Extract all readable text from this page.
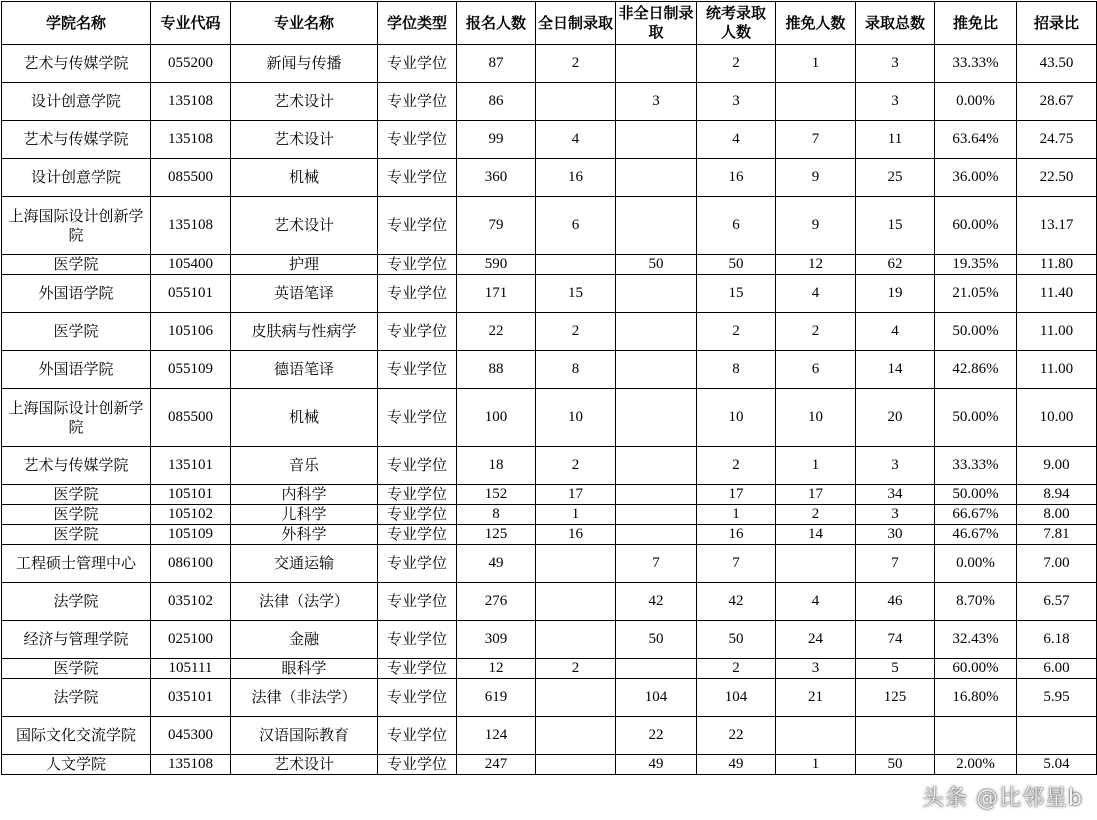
学院名称	专业代码	专业名称	学位类型	报名人数	全日制录取	非全日制录取	统考录取人数	推免人数	录取总数	推免比	招录比
艺术与传媒学院	055200	新闻与传播	专业学位	87	2		2	1	3	33.33%	43.50
设计创意学院	135108	艺术设计	专业学位	86		3	3		3	0.00%	28.67
艺术与传媒学院	135108	艺术设计	专业学位	99	4		4	7	11	63.64%	24.75
设计创意学院	085500	机械	专业学位	360	16		16	9	25	36.00%	22.50
上海国际设计创新学院	135108	艺术设计	专业学位	79	6		6	9	15	60.00%	13.17
医学院	105400	护理	专业学位	590		50	50	12	62	19.35%	11.80
外国语学院	055101	英语笔译	专业学位	171	15		15	4	19	21.05%	11.40
医学院	105106	皮肤病与性病学	专业学位	22	2		2	2	4	50.00%	11.00
外国语学院	055109	德语笔译	专业学位	88	8		8	6	14	42.86%	11.00
上海国际设计创新学院	085500	机械	专业学位	100	10		10	10	20	50.00%	10.00
艺术与传媒学院	135101	音乐	专业学位	18	2		2	1	3	33.33%	9.00
医学院	105101	内科学	专业学位	152	17		17	17	34	50.00%	8.94
医学院	105102	儿科学	专业学位	8	1		1	2	3	66.67%	8.00
医学院	105109	外科学	专业学位	125	16		16	14	30	46.67%	7.81
工程硕士管理中心	086100	交通运输	专业学位	49		7	7		7	0.00%	7.00
法学院	035102	法律（法学）	专业学位	276		42	42	4	46	8.70%	6.57
经济与管理学院	025100	金融	专业学位	309		50	50	24	74	32.43%	6.18
医学院	105111	眼科学	专业学位	12	2		2	3	5	60.00%	6.00
法学院	035101	法律（非法学）	专业学位	619		104	104	21	125	16.80%	5.95
国际文化交流学院	045300	汉语国际教育	专业学位	124		22	22				
人文学院	135108	艺术设计	专业学位	247		49	49	1	50	2.00%	5.04
头条 @比邻星b
